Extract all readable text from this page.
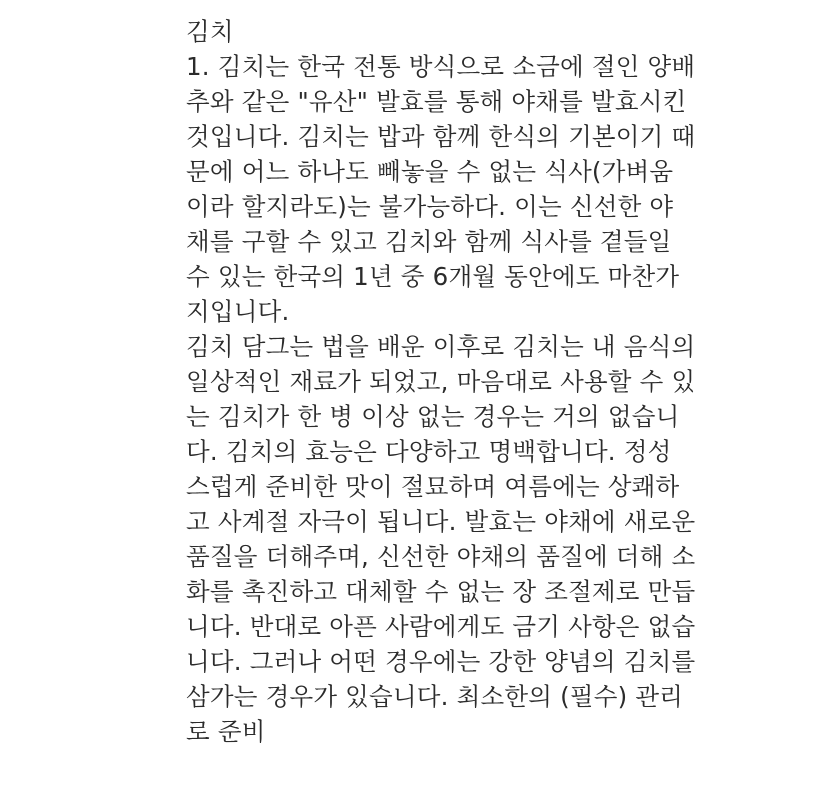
김치
1. 김치는 한국 전통 방식으로 소금에 절인 양배
추와 같은 "유산" 발효를 통해 야채를 발효시킨
것입니다. 김치는 밥과 함께 한식의 기본이기 때
문에 어느 하나도 빼놓을 수 없는 식사(가벼움
이라 할지라도)는 불가능하다. 이는 신선한 야
채를 구할 수 있고 김치와 함께 식사를 곁들일
수 있는 한국의 1년 중 6개월 동안에도 마찬가
지입니다.
김치 담그는 법을 배운 이후로 김치는 내 음식의
일상적인 재료가 되었고, 마음대로 사용할 수 있
는 김치가 한 병 이상 없는 경우는 거의 없습니
다. 김치의 효능은 다양하고 명백합니다. 정성
스럽게 준비한 맛이 절묘하며 여름에는 상쾌하
고 사계절 자극이 됩니다. 발효는 야채에 새로운
품질을 더해주며, 신선한 야채의 품질에 더해 소
화를 촉진하고 대체할 수 없는 장 조절제로 만듭
니다. 반대로 아픈 사람에게도 금기 사항은 없습
니다. 그러나 어떤 경우에는 강한 양념의 김치를
삼가는 경우가 있습니다. 최소한의 (필수) 관리
로 준비
